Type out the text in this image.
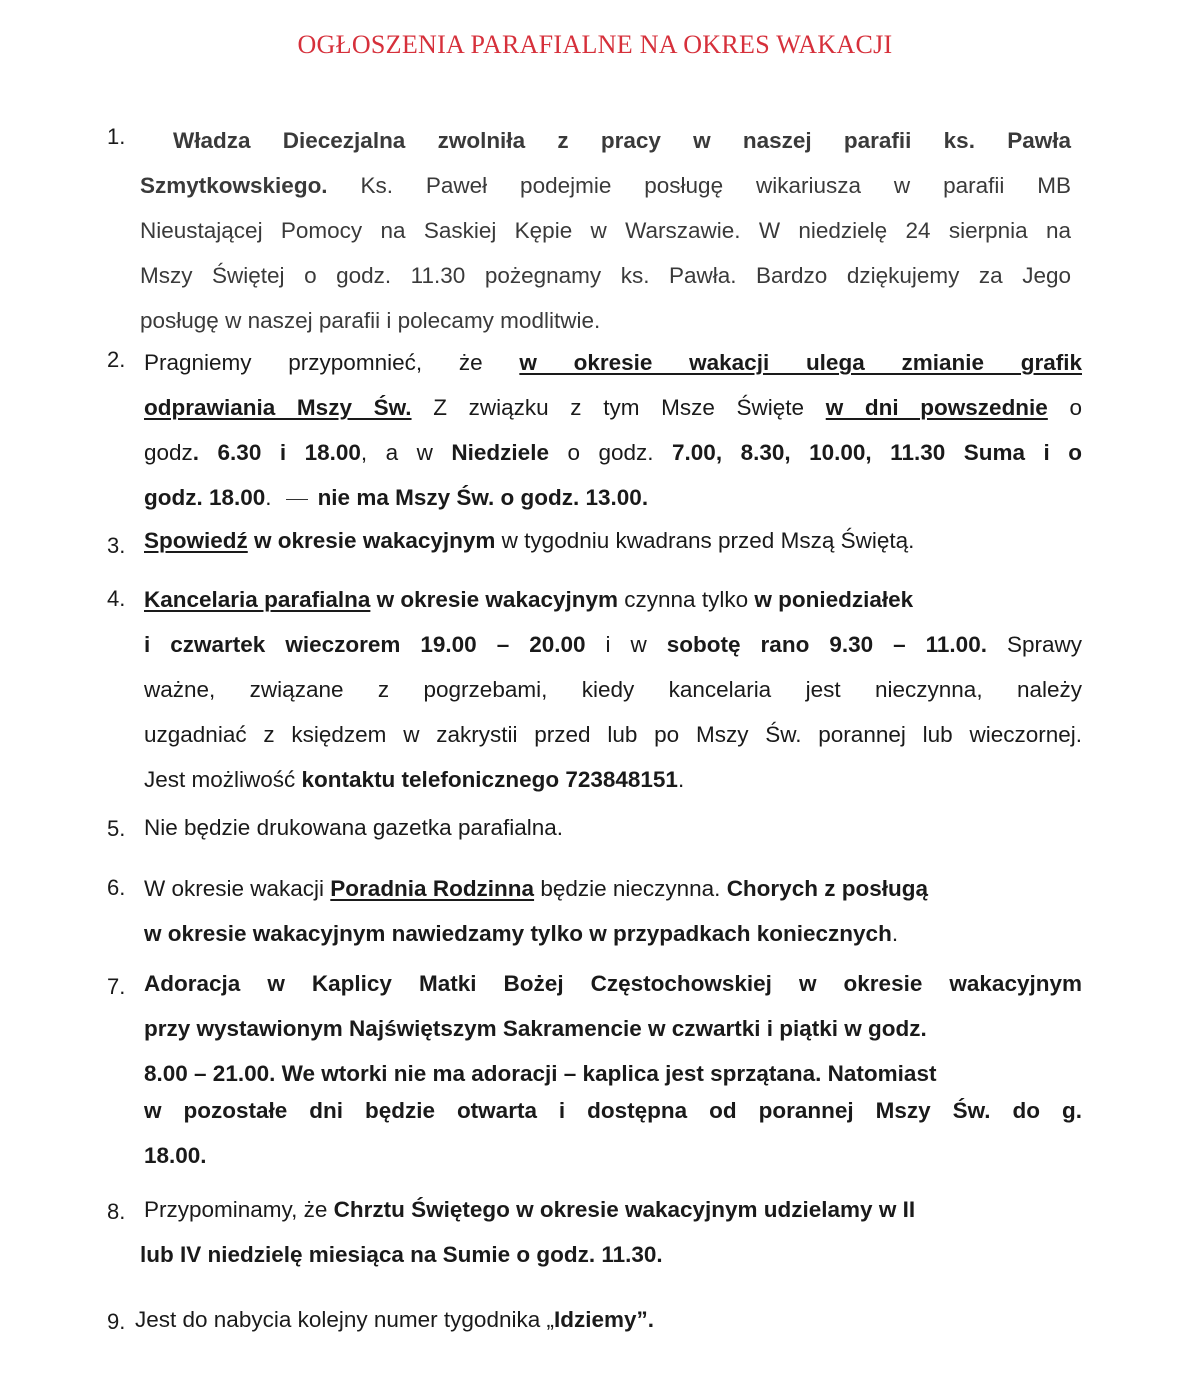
OGŁOSZENIA PARAFIALNE NA OKRES WAKACJI
1. Władza Diecezjalna zwolniła z pracy w naszej parafii ks. Pawła
Szmytkowskiego. Ks. Paweł podejmie posługę wikariusza w parafii MB
Nieustającej Pomocy na Saskiej Kępie w Warszawie. W niedzielę 24 sierpnia na
Mszy Świętej o godz. 11.30 pożegnamy ks. Pawła. Bardzo dziękujemy za Jego
posługę w naszej parafii i polecamy modlitwie.
2. Pragniemy przypomnieć, że w okresie wakacji ulega zmianie grafik
odprawiania Mszy Św. Z związku z tym Msze Święte w dni powszednie o
godz. 6.30 i 18.00, a w Niedziele o godz. 7.00, 8.30, 10.00, 11.30 Suma i o
godz. 18.00. nie ma Mszy Św. o godz. 13.00.
3. Spowiedź w okresie wakacyjnym w tygodniu kwadrans przed Mszą Świętą.
4. Kancelaria parafialna w okresie wakacyjnym czynna tylko w poniedziałek
i czwartek wieczorem 19.00 – 20.00 i w sobotę rano 9.30 – 11.00. Sprawy
ważne, związane z pogrzebami, kiedy kancelaria jest nieczynna, należy
uzgadniać z księdzem w zakrystii przed lub po Mszy Św. porannej lub wieczornej.
Jest możliwość kontaktu telefonicznego 723848151.
5. Nie będzie drukowana gazetka parafialna.
6. W okresie wakacji Poradnia Rodzinna będzie nieczynna. Chorych z posługą
w okresie wakacyjnym nawiedzamy tylko w przypadkach koniecznych.
7. Adoracja w Kaplicy Matki Bożej Częstochowskiej w okresie wakacyjnym
przy wystawionym Najświętszym Sakramencie w czwartki i piątki w godz.
8.00 – 21.00. We wtorki nie ma adoracji – kaplica jest sprzątana. Natomiast
w pozostałe dni będzie otwarta i dostępna od porannej Mszy Św. do g.
18.00.
8. Przypominamy, że Chrztu Świętego w okresie wakacyjnym udzielamy w II
lub IV niedzielę miesiąca na Sumie o godz. 11.30.
9. Jest do nabycia kolejny numer tygodnika „Idziemy”.
